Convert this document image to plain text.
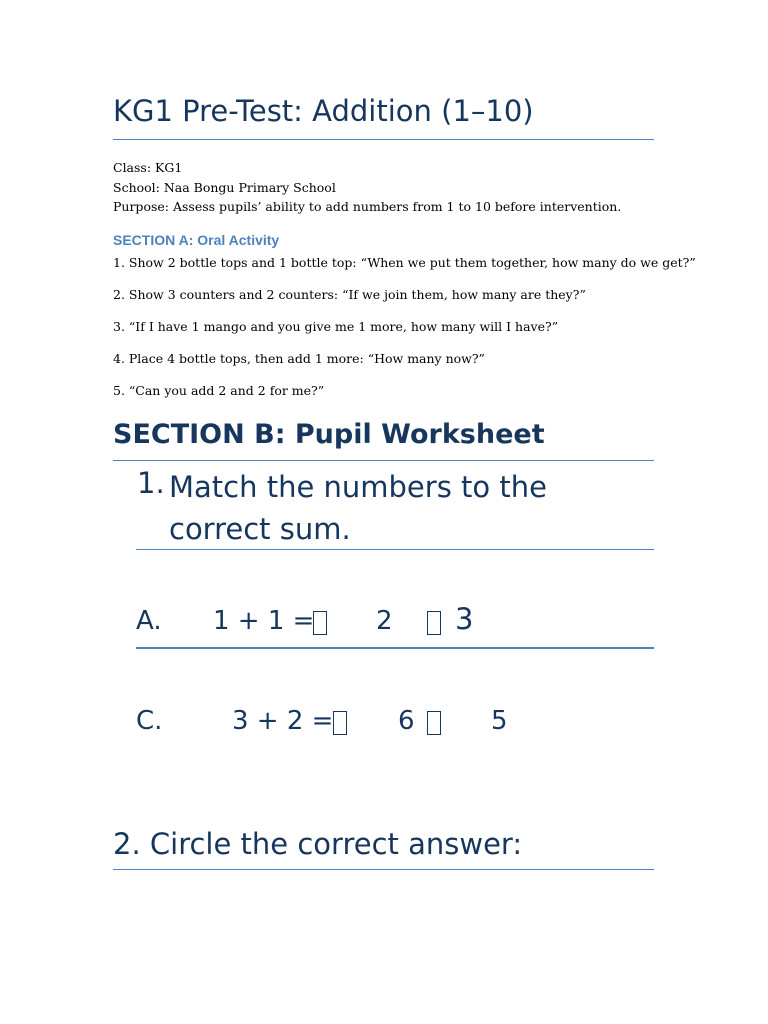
KG1 Pre-Test: Addition (1–10)
Class: KG1
School: Naa Bongu Primary School
Purpose: Assess pupils’ ability to add numbers from 1 to 10 before intervention.
SECTION A: Oral Activity
1. Show 2 bottle tops and 1 bottle top: “When we put them together, how many do we get?”
2. Show 3 counters and 2 counters: “If we join them, how many are they?”
3. “If I have 1 mango and you give me 1 more, how many will I have?”
4. Place 4 bottle tops, then add 1 more: “How many now?”
5. “Can you add 2 and 2 for me?”
SECTION B: Pupil Worksheet
1. Match the numbers to the correct sum.
A. 1 + 1 = 2 3
C.	3 + 2 = 6	5
2. Circle the correct answer:
